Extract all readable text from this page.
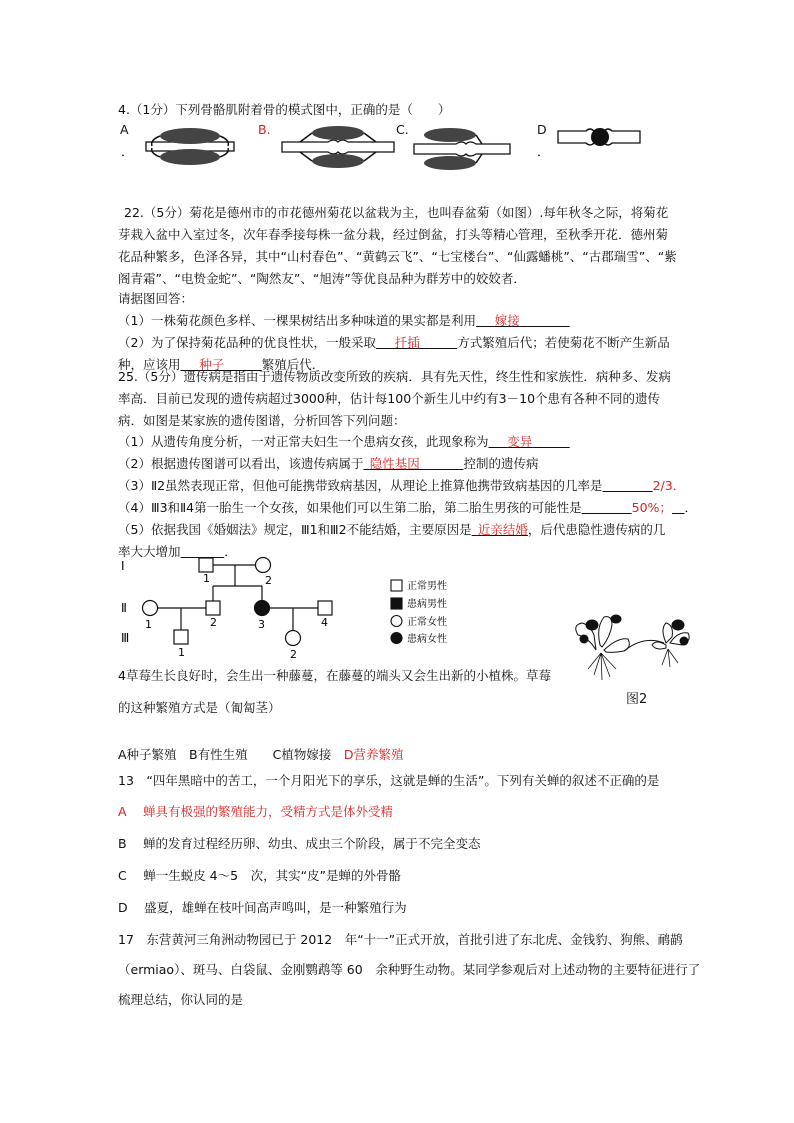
4.（1分）下列骨骼肌附着骨的模式图中，正确的是（　　）
A
．
B.	C.	D
．
22.（5分）菊花是德州市的市花德州菊花以盆栽为主，也叫春盆菊（如图）.每年秋冬之际，将菊花芽栽入盆中入室过冬，次年春季接每株一盆分栽，经过倒盆，打头等精心管理，至秋季开花．德州菊花品种繁多，色泽各异，其中“山村春色”、“黄鹤云飞”、“七宝楼台”、“仙露蟠桃”、“古郡瑞雪”、“紫阁青霜”、“电贽金蛇”、“陶然友”、“旭涛”等优良品种为群芳中的姣姣者．
请据图回答：
（1）一株菊花颜色多样、一棵果树结出多种味道的果实都是利用   嫁接    
（2）为了保持菊花品种的优良性状，一般采取   扦插   	方式繁殖后代；若使菊花不断产生新品
种，应该用   种子   	繁殖后代．
25.（5分）遗传病是指由于遗传物质改变所致的疾病．具有先天性，终生性和家族性．病种多、发病率高．目前已发现的遗传病超过3000种，估计每100个新生儿中约有3－10个患有各种不同的遗传病．如图是某家族的遗传图谱，分析回答下列问题：
（1）从遗传角度分析，一对正常夫妇生一个患病女孩，此现象称为   变异   
（2）根据遗传图谱可以看出，该遗传病属于  隐性基因    	控制的遗传病
（3）Ⅱ2虽然表现正常，但他可能携带致病基因，从理论上推算他携带致病基因的几率是    	2/3．
（4）Ⅲ3和Ⅱ4第一胎生一个女孩，如果他们可以生第二胎，第二胎生男孩的可能性是    	50%；  ．
（5）依据我国《婚姻法》规定，Ⅲ1和Ⅲ2不能结婚，主要原因是  近亲结婚，后代患隐性遗传病的几
率大大增加    	．
Ⅰ
Ⅱ
Ⅲ
1	2
1	2	3	4
1	2
正常男性
患病男性
正常女性
患病女性
图2
4草莓生长良好时，会生出一种藤蔓，在藤蔓的端头又会生出新的小植株。草莓
的这种繁殖方式是（匍匐茎）
A种子繁殖　B有性生殖　　C植物嫁接　D营养繁殖
13　“四年黑暗中的苦工，一个月阳光下的享乐，这就是蝉的生活”。下列有关蝉的叙述不正确的是
A　 蝉具有极强的繁殖能力，受精方式是体外受精
B　 蝉的发育过程经历卵、幼虫、成虫三个阶段，属于不完全变态
C　 蝉一生蜕皮 4～5　次，其实“皮”是蝉的外骨骼
D　 盛夏，雄蝉在枝叶间高声鸣叫，是一种繁殖行为
17　东营黄河三角洲动物园已于 2012　年“十一”正式开放，首批引进了东北虎、金钱豹、狗熊、鸸鹋
（ermiao）、斑马、白袋鼠、金刚鹦鹉等 60　余种野生动物。某同学参观后对上述动物的主要特征进行了
梳理总结，你认同的是
